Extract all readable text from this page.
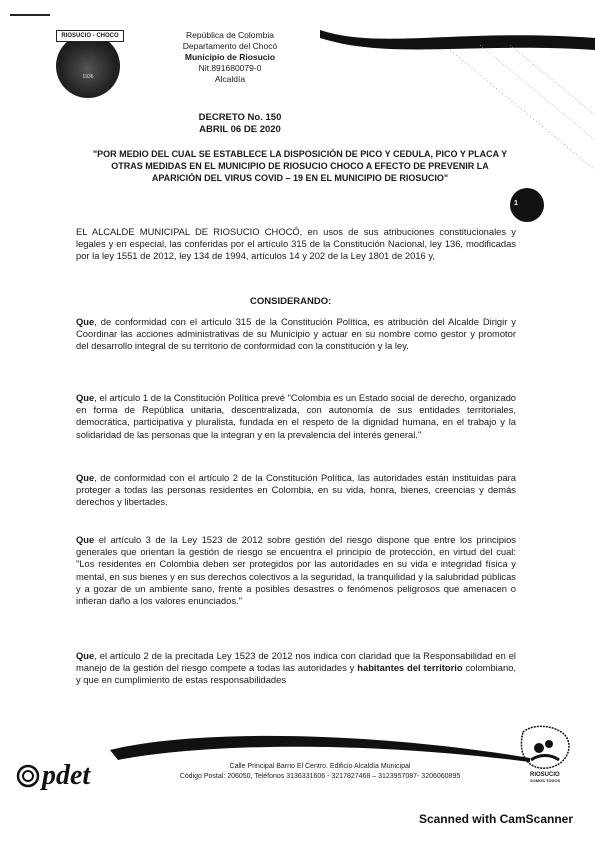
RIOSUCIO - CHOCO
1936
República de Colombia
Departamento del Chocó
Municipio de Riosucio
Nit.891680079-0
Alcaldía
DECRETO No. 150
ABRIL 06 DE 2020
"POR MEDIO DEL CUAL SE ESTABLECE LA DISPOSICIÓN DE PICO Y CEDULA, PICO Y PLACA Y OTRAS MEDIDAS EN EL MUNICIPIO DE RIOSUCIO CHOCO A EFECTO DE PREVENIR LA APARICIÓN DEL VIRUS COVID – 19 EN EL MUNICIPIO DE RIOSUCIO"
1
EL ALCALDE MUNICIPAL DE RIOSUCIO CHOCÓ, en usos de sus atribuciones constitucionales y legales y en especial, las conferidas por el artículo 315 de la Constitución Nacional, ley 136, modificadas por la ley 1551 de 2012, ley 134 de 1994, artículos 14 y 202 de la Ley 1801 de 2016 y,
CONSIDERANDO:
Que, de conformidad con el artículo 315 de la Constitución Política, es atribución del Alcalde Dirigir y Coordinar las acciones administrativas de su Municipio y actuar en su nombre como gestor y promotor del desarrollo integral de su territorio de conformidad con la constitución y la ley.
Que, el artículo 1 de la Constitución Política prevé "Colombia es un Estado social de derecho, organizado en forma de República unitaria, descentralizada, con autonomía de sus entidades territoriales, democrática, participativa y pluralista, fundada en el respeto de la dignidad humana, en el trabajo y la solidaridad de las personas que la integran y en la prevalencia del interés general."
Que, de conformidad con el artículo 2 de la Constitución Política, las autoridades están instituidas para proteger a todas las personas residentes en Colombia, en su vida, honra, bienes, creencias y demás derechos y libertades.
Que el artículo 3 de la Ley 1523 de 2012 sobre gestión del riesgo dispone que entre los principios generales que orientan la gestión de riesgo se encuentra el principio de protección, en virtud del cual: "Los residentes en Colombia deben ser protegidos por las autoridades en su vida e integridad física y mental, en sus bienes y en sus derechos colectivos a la seguridad, la tranquilidad y la salubridad públicas y a gozar de un ambiente sano, frente a posibles desastres o fenómenos peligrosos que amenacen o infieran daño a los valores enunciados."
Que, el artículo 2 de la precitada Ley 1523 de 2012 nos indica con claridad que la Responsabilidad en el manejo de la gestión del riesgo compete a todas las autoridades y habitantes del territorio colombiano, y que en cumplimiento de estas responsabilidades
pdet	Calle Principal Barrio El Centro. Edificio Alcaldía Municipal
Código Postal: 206050, Teléfonos 3136331606 - 3217827468 – 3123957087- 3206060895	RIOSUCIO
SOMOS TODOS
Scanned with CamScanner
